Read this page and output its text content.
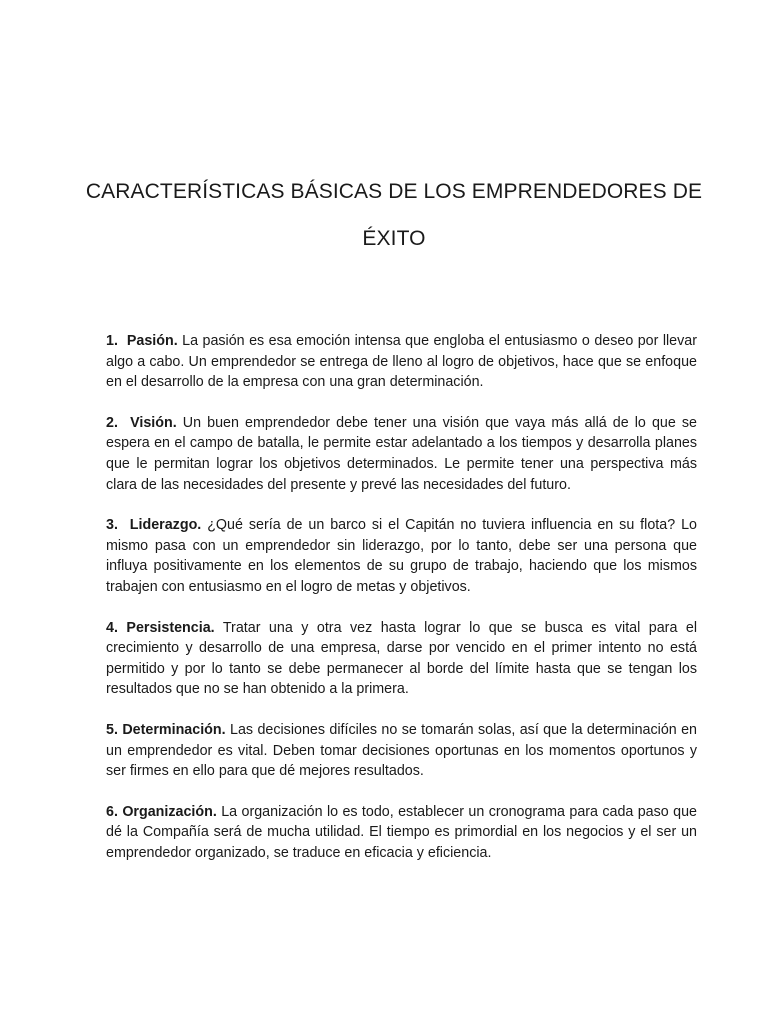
CARACTERÍSTICAS BÁSICAS DE LOS EMPRENDEDORES DE ÉXITO

1. Pasión. La pasión es esa emoción intensa que engloba el entusiasmo o deseo por llevar algo a cabo. Un emprendedor se entrega de lleno al logro de objetivos, hace que se enfoque en el desarrollo de la empresa con una gran determinación.

2. Visión. Un buen emprendedor debe tener una visión que vaya más allá de lo que se espera en el campo de batalla, le permite estar adelantado a los tiempos y desarrolla planes que le permitan lograr los objetivos determinados. Le permite tener una perspectiva más clara de las necesidades del presente y prevé las necesidades del futuro.

3. Liderazgo. ¿Qué sería de un barco si el Capitán no tuviera influencia en su flota? Lo mismo pasa con un emprendedor sin liderazgo, por lo tanto, debe ser una persona que influya positivamente en los elementos de su grupo de trabajo, haciendo que los mismos trabajen con entusiasmo en el logro de metas y objetivos.

4. Persistencia. Tratar una y otra vez hasta lograr lo que se busca es vital para el crecimiento y desarrollo de una empresa, darse por vencido en el primer intento no está permitido y por lo tanto se debe permanecer al borde del límite hasta que se tengan los resultados que no se han obtenido a la primera.

5. Determinación. Las decisiones difíciles no se tomarán solas, así que la determinación en un emprendedor es vital. Deben tomar decisiones oportunas en los momentos oportunos y ser firmes en ello para que dé mejores resultados.

6. Organización. La organización lo es todo, establecer un cronograma para cada paso que dé la Compañía será de mucha utilidad. El tiempo es primordial en los negocios y el ser un emprendedor organizado, se traduce en eficacia y eficiencia.
